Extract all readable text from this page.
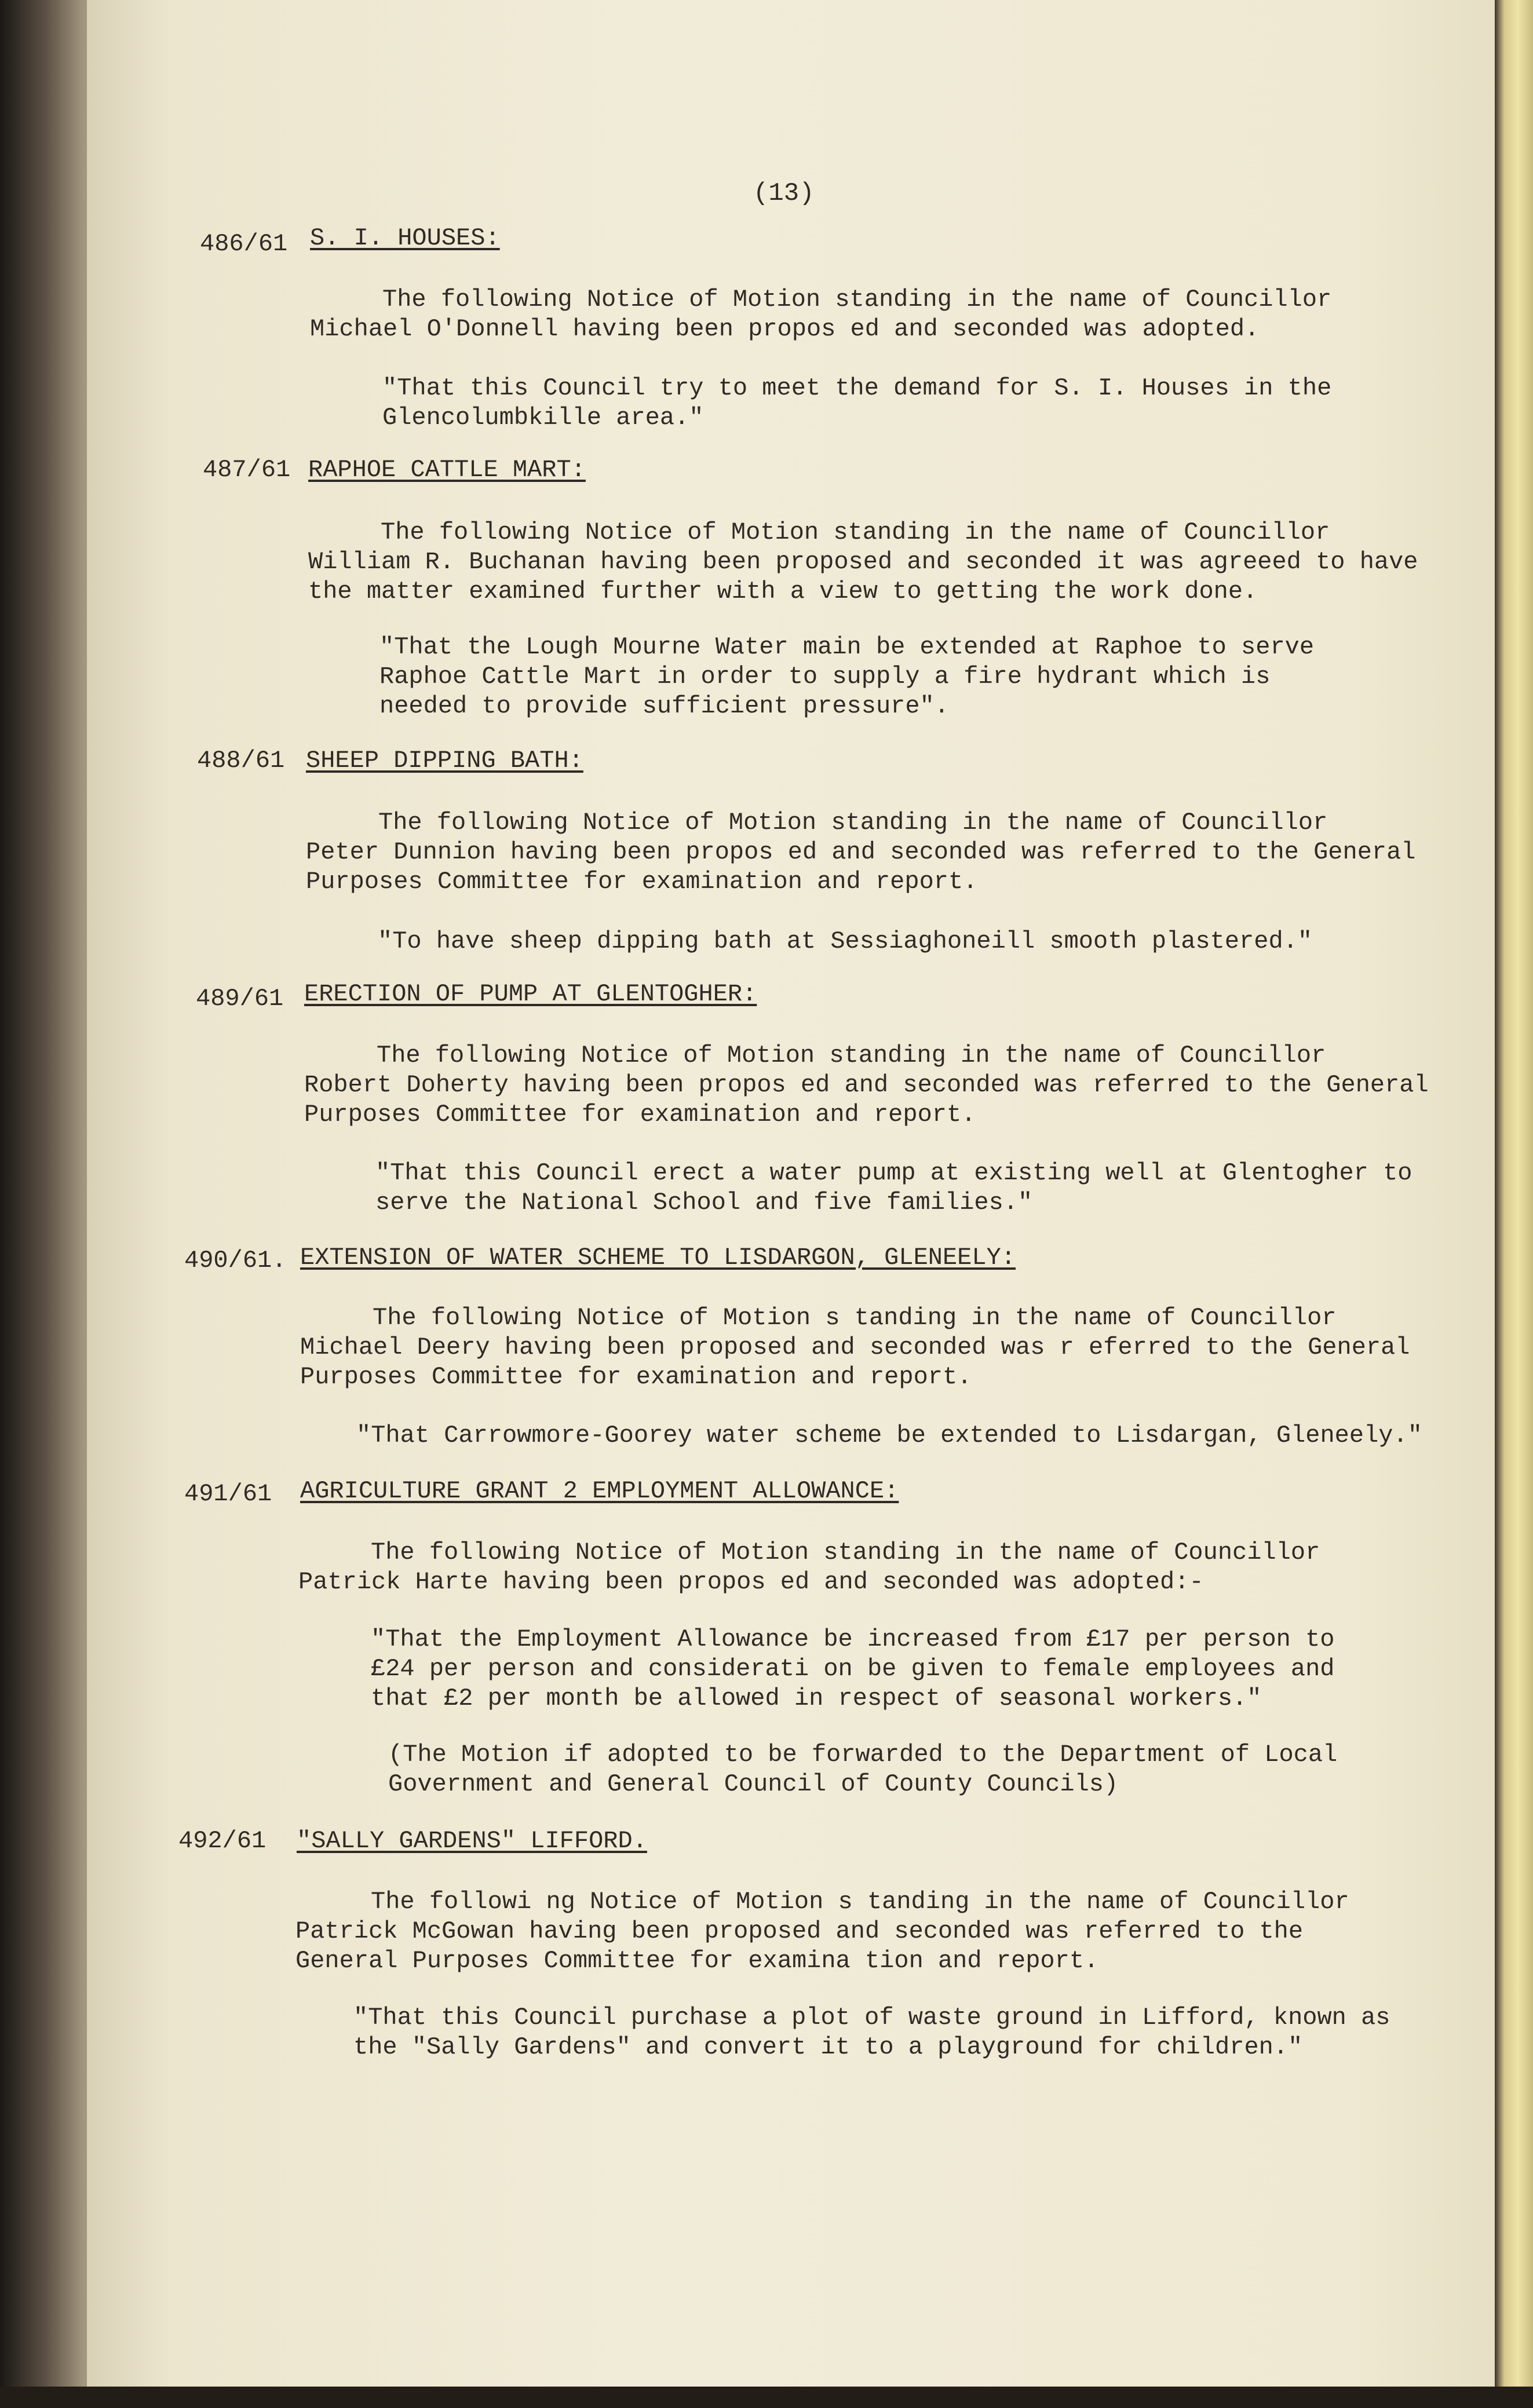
(13)
486/61 S. I. HOUSES:
The following Notice of Motion standing in the name of Councillor
Michael O'Donnell having been propos ed and seconded was adopted.
"That this Council try to meet the demand for S. I. Houses in the
Glencolumbkille area."
487/61 RAPHOE CATTLE MART:
The following Notice of Motion standing in the name of Councillor
William R. Buchanan having been proposed and seconded it was agreeed to have
the matter examined further with a view to getting the work done.
"That the Lough Mourne Water main be extended at Raphoe to serve
Raphoe Cattle Mart in order to supply a fire hydrant which is
needed to provide sufficient pressure".
488/61 SHEEP DIPPING BATH:
The following Notice of Motion standing in the name of Councillor
Peter Dunnion having been propos ed and seconded was referred to the General
Purposes Committee for examination and report.
"To have sheep dipping bath at Sessiaghoneill smooth plastered."
489/61 ERECTION OF PUMP AT GLENTOGHER:
The following Notice of Motion standing in the name of Councillor
Robert Doherty having been propos ed and seconded was referred to the General
Purposes Committee for examination and report.
"That this Council erect a water pump at existing well at Glentogher to
serve the National School and five families."
490/61. EXTENSION OF WATER SCHEME TO LISDARGON, GLENEELY:
The following Notice of Motion s tanding in the name of Councillor
Michael Deery having been proposed and seconded was r eferred to the General
Purposes Committee for examination and report.
"That Carrowmore-Goorey water scheme be extended to Lisdargan, Gleneely."
491/61 AGRICULTURE GRANT 2 EMPLOYMENT ALLOWANCE:
The following Notice of Motion standing in the name of Councillor
Patrick Harte having been propos ed and seconded was adopted:-
"That the Employment Allowance be increased from £17 per person to
£24 per person and considerati on be given to female employees and
that £2 per month be allowed in respect of seasonal workers."
(The Motion if adopted to be forwarded to the Department of Local
Government and General Council of County Councils)
492/61 "SALLY GARDENS" LIFFORD.
The followi ng Notice of Motion s tanding in the name of Councillor
Patrick McGowan having been proposed and seconded was referred to the
General Purposes Committee for examina tion and report.
"That this Council purchase a plot of waste ground in Lifford, known as
the "Sally Gardens" and convert it to a playground for children."
